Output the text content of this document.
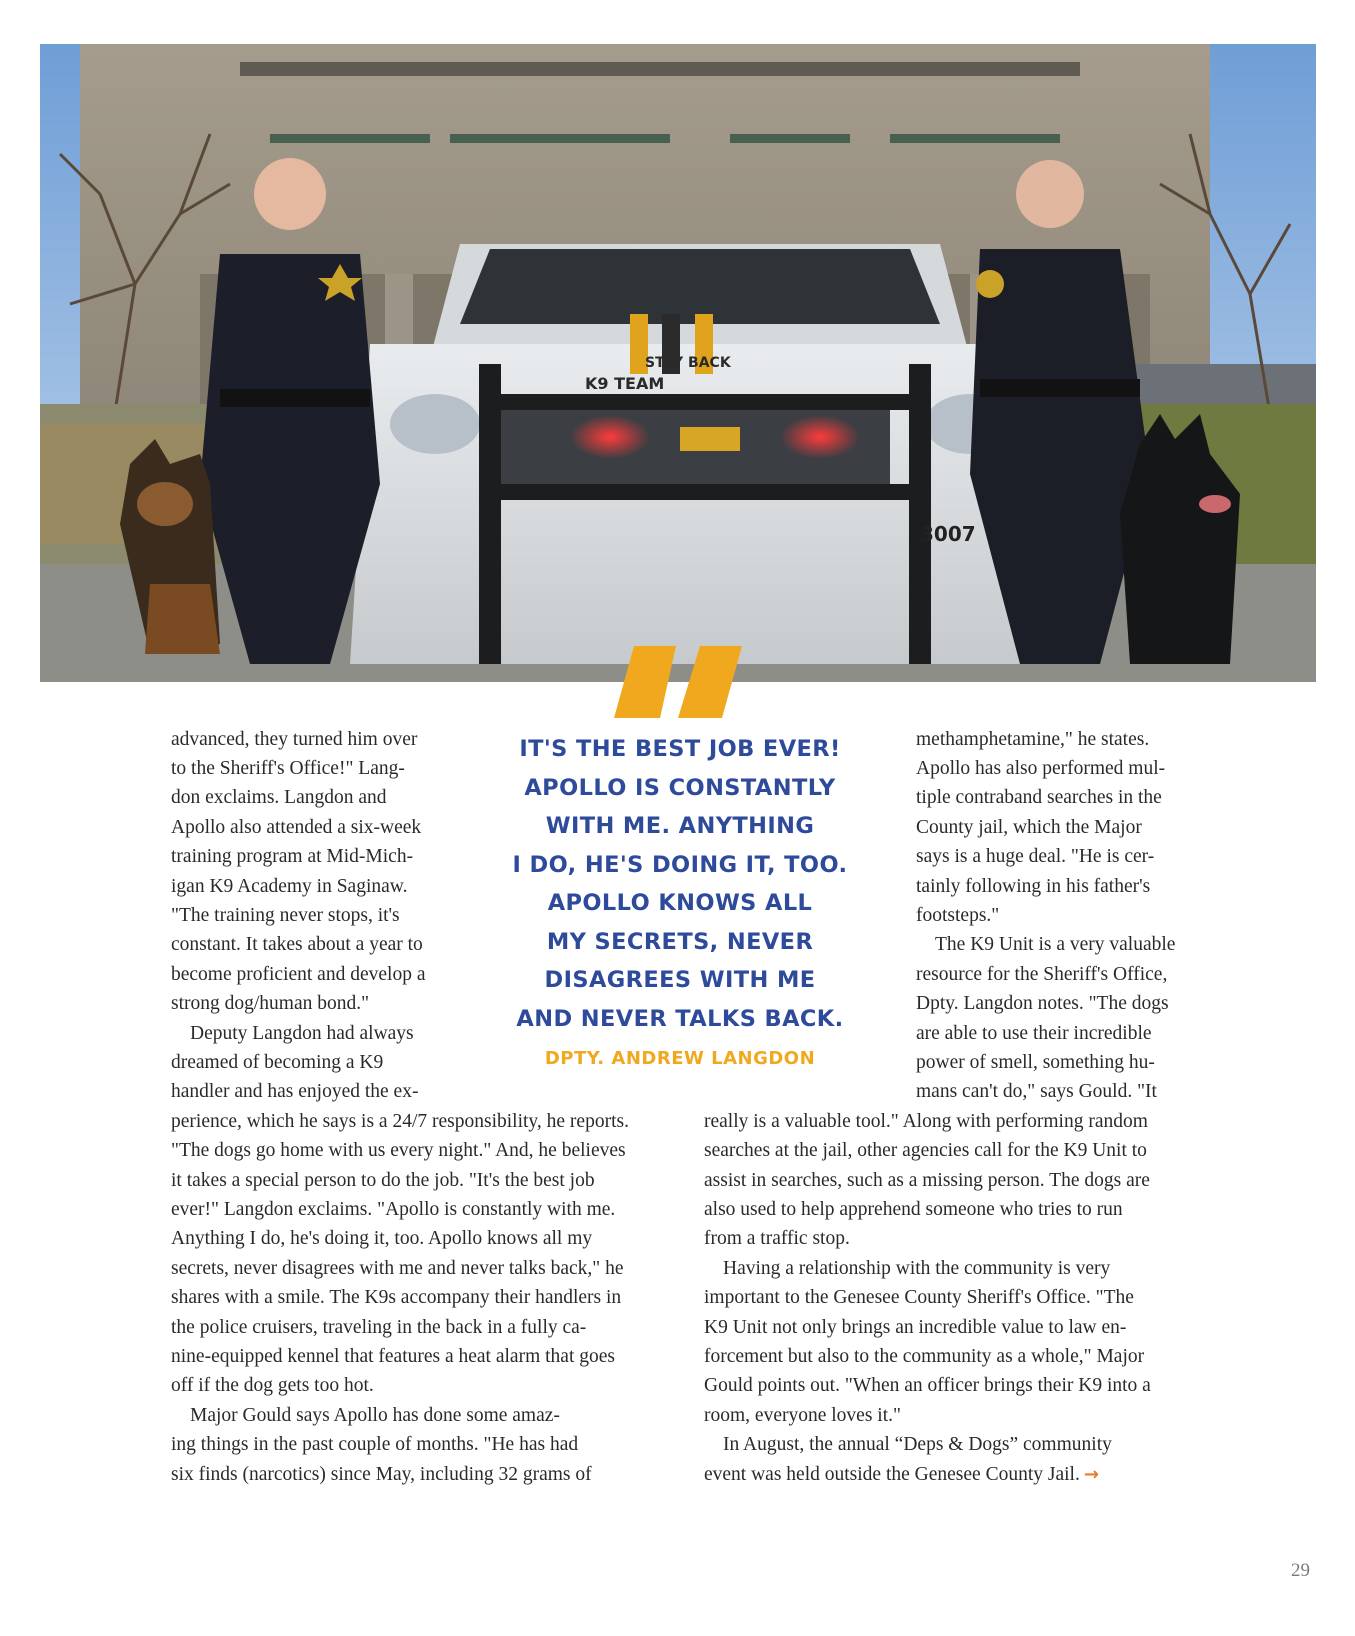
STAY BACK
K9 TEAM
3007
IT'S THE BEST JOB EVER!
APOLLO IS CONSTANTLY
WITH ME. ANYTHING
I DO, HE'S DOING IT, TOO.
APOLLO KNOWS ALL
MY SECRETS, NEVER
DISAGREES WITH ME
AND NEVER TALKS BACK.
DPTY. ANDREW LANGDON
advanced, they turned him over
to the Sheriff's Office!" Lang-
don exclaims. Langdon and
Apollo also attended a six-week
training program at Mid-Mich-
igan K9 Academy in Saginaw.
"The training never stops, it's
constant. It takes about a year to
become proficient and develop a
strong dog/human bond."
Deputy Langdon had always
dreamed of becoming a K9
handler and has enjoyed the ex-
perience, which he says is a 24/7 responsibility, he reports.
"The dogs go home with us every night." And, he believes
it takes a special person to do the job. "It's the best job
ever!" Langdon exclaims. "Apollo is constantly with me.
Anything I do, he's doing it, too. Apollo knows all my
secrets, never disagrees with me and never talks back," he
shares with a smile. The K9s accompany their handlers in
the police cruisers, traveling in the back in a fully ca-
nine-equipped kennel that features a heat alarm that goes
off if the dog gets too hot.
Major Gould says Apollo has done some amaz-
ing things in the past couple of months. "He has had
six finds (narcotics) since May, including 32 grams of
methamphetamine," he states.
Apollo has also performed mul-
tiple contraband searches in the
County jail, which the Major
says is a huge deal. "He is cer-
tainly following in his father's
footsteps."
The K9 Unit is a very valuable
resource for the Sheriff's Office,
Dpty. Langdon notes. "The dogs
are able to use their incredible
power of smell, something hu-
mans can't do," says Gould. "It
really is a valuable tool." Along with performing random
searches at the jail, other agencies call for the K9 Unit to
assist in searches, such as a missing person. The dogs are
also used to help apprehend someone who tries to run
from a traffic stop.
Having a relationship with the community is very
important to the Genesee County Sheriff's Office. "The
K9 Unit not only brings an incredible value to law en-
forcement but also to the community as a whole," Major
Gould points out. "When an officer brings their K9 into a
room, everyone loves it."
In August, the annual “Deps & Dogs” community
event was held outside the Genesee County Jail. →
29
